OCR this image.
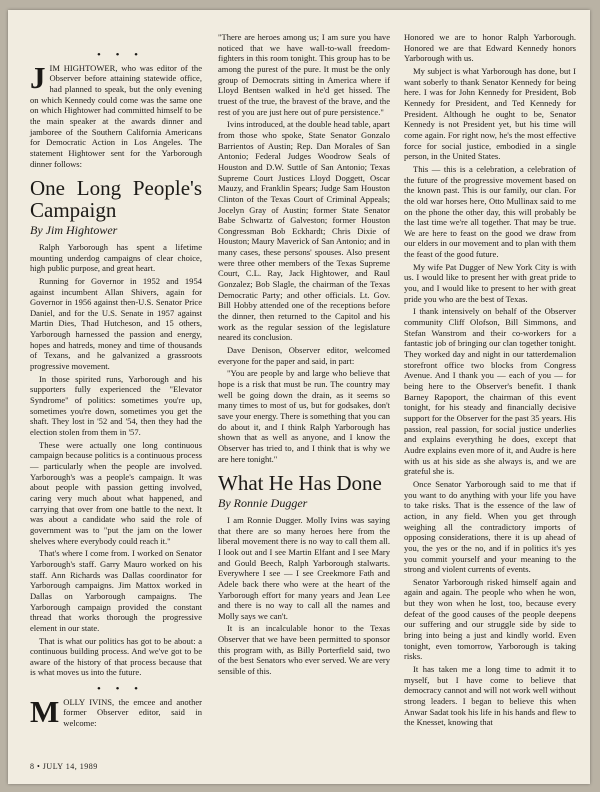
• • •

JIM HIGHTOWER, who was editor of the Observer before attaining statewide office, had planned to speak, but the only evening on which Kennedy could come was the same one on which Hightower had committed himself to be the main speaker at the awards dinner and jamboree of the Southern California Americans for Democratic Action in Los Angeles. The statement Hightower sent for the Yarborough dinner follows:

One Long People's Campaign
By Jim Hightower

Ralph Yarborough has spent a lifetime mounting underdog campaigns of clear choice, high public purpose, and great heart.

Running for Governor in 1952 and 1954 against incumbent Allan Shivers, again for Governor in 1956 against then-U.S. Senator Price Daniel, and for the U.S. Senate in 1957 against Martin Dies, Thad Hutcheson, and 15 others, Yarborough harnessed the passion and energy, hopes and hatreds, money and time of thousands of Texans, and he galvanized a grassroots progressive movement.

In those spirited runs, Yarborough and his supporters fully experienced the "Elevator Syndrome" of politics: sometimes you're up, sometimes you're down, sometimes you get the shaft. They lost in '52 and '54, then they had the election stolen from them in '57.

These were actually one long continuous campaign because politics is a continuous process — particularly when the people are involved. Yarborough's was a people's campaign. It was about people with passion getting involved, caring very much about what happened, and carrying that over from one battle to the next. It was about a candidate who said the role of government was to "put the jam on the lower shelves where everybody could reach it."

That's where I come from. I worked on Senator Yarborough's staff. Garry Mauro worked on his staff. Ann Richards was Dallas coordinator for Yarborough campaigns. Jim Mattox worked in Dallas on Yarborough campaigns. The Yarborough campaign provided the constant thread that works thorough the progressive element in our state.

That is what our politics has got to be about: a continuous building process. And we've got to be aware of the history of that process because that is what moves us into the future.

• • •

MOLLY IVINS, the emcee and another former Observer editor, said in welcome:

"There are heroes among us; I am sure you have noticed that we have wall-to-wall freedom-fighters in this room tonight. This group has to be among the purest of the pure. It must be the only group of Democrats sitting in America where if Lloyd Bentsen walked in he'd get hissed. The truest of the true, the bravest of the brave, and the rest of you are just here out of pure persistence."

Ivins introduced, at the double head table, apart from those who spoke, State Senator Gonzalo Barrientos of Austin; Rep. Dan Morales of San Antonio; Federal Judges Woodrow Seals of Houston and D.W. Suttle of San Antonio; Texas Supreme Court Justices Lloyd Doggett, Oscar Mauzy, and Franklin Spears; Judge Sam Houston Clinton of the Texas Court of Criminal Appeals; Jocelyn Gray of Austin; former State Senator Babe Schwartz of Galveston; former Houston Congressman Bob Eckhardt; Chris Dixie of Houston; Maury Maverick of San Antonio; and in many cases, these persons' spouses. Also present were three other members of the Texas Supreme Court, C.L. Ray, Jack Hightower, and Raul Gonzalez; Bob Slagle, the chairman of the Texas Democratic Party; and other officials. Lt. Gov. Bill Hobby attended one of the receptions before the dinner, then returned to the Capitol and his work as the regular session of the legislature neared its conclusion.

Dave Denison, Observer editor, welcomed everyone for the paper and said, in part:

"You are people by and large who believe that hope is a risk that must be run. The country may well be going down the drain, as it seems so many times to most of us, but for godsakes, don't save your energy. There is something that you can do about it, and I think Ralph Yarborough has shown that as well as anyone, and I know the Observer has tried to, and I think that is why we are here tonight."

What He Has Done
By Ronnie Dugger

I am Ronnie Dugger. Molly Ivins was saying that there are so many heroes here from the liberal movement there is no way to call them all. I look out and I see Martin Elfant and I see Mary and Gould Beech, Ralph Yarborough stalwarts. Everywhere I see — I see Creekmore Fath and Adele back there who were at the heart of the Yarborough effort for many years and Jean Lee and there is no way to call all the names and Molly says we can't.

It is an incalculable honor to the Texas Observer that we have been permitted to sponsor this program with, as Billy Porterfield said, two of the best Senators who ever served. We are very sensible of this.

Honored we are to honor Ralph Yarborough. Honored we are that Edward Kennedy honors Yarborough with us.

My subject is what Yarborough has done, but I want soberly to thank Senator Kennedy for being here. I was for John Kennedy for President, Bob Kennedy for President, and Ted Kennedy for President. Although he ought to be, Senator Kennedy is not President yet, but his time will come again. For right now, he's the most effective force for social justice, embodied in a single person, in the United States.

This — this is a celebration, a celebration of the future of the progressive movement based on the known past. This is our family, our clan. For the old war horses here, Otto Mullinax said to me on the phone the other day, this will probably be the last time we're all together. That may be true. We are here to feast on the good we draw from our elders in our movement and to plan with them the feast of the good future.

My wife Pat Dugger of New York City is with us. I would like to present her with great pride to you, and I would like to present to her with great pride you who are the best of Texas.

I thank intensively on behalf of the Observer community Cliff Olofson, Bill Simmons, and Stefan Wanstrom and their co-workers for a fantastic job of bringing our clan together tonight. They worked day and night in our tatterdemalion storefront office two blocks from Congress Avenue. And I thank you — each of you — for being here to the Observer's benefit. I thank Barney Rapoport, the chairman of this event tonight, for his steady and financially decisive support for the Observer for the past 35 years. His passion, real passion, for social justice underlies and explains everything he does, except that Audre explains even more of it, and Audre is here with us at his side as she always is, and we are grateful she is.

Once Senator Yarborough said to me that if you want to do anything with your life you have to take risks. That is the essence of the law of action, in any field. When you get through weighing all the contradictory imports of opposing considerations, there it is up ahead of you, the yes or the no, and if in politics it's yes you commit yourself and your meaning to the strong and violent currents of events.

Senator Yarborough risked himself again and again and again. The people who when he won, but they won when he lost, too, because every defeat of the good causes of the people deepens our suffering and our struggle side by side to bring into being a just and kindly world. Even tonight, even tomorrow, Yarborough is taking risks.

It has taken me a long time to admit it to myself, but I have come to believe that democracy cannot and will not work well without strong leaders. I began to believe this when Anwar Sadat took his life in his hands and flew to the Knesset, knowing that

8 • JULY 14, 1989
